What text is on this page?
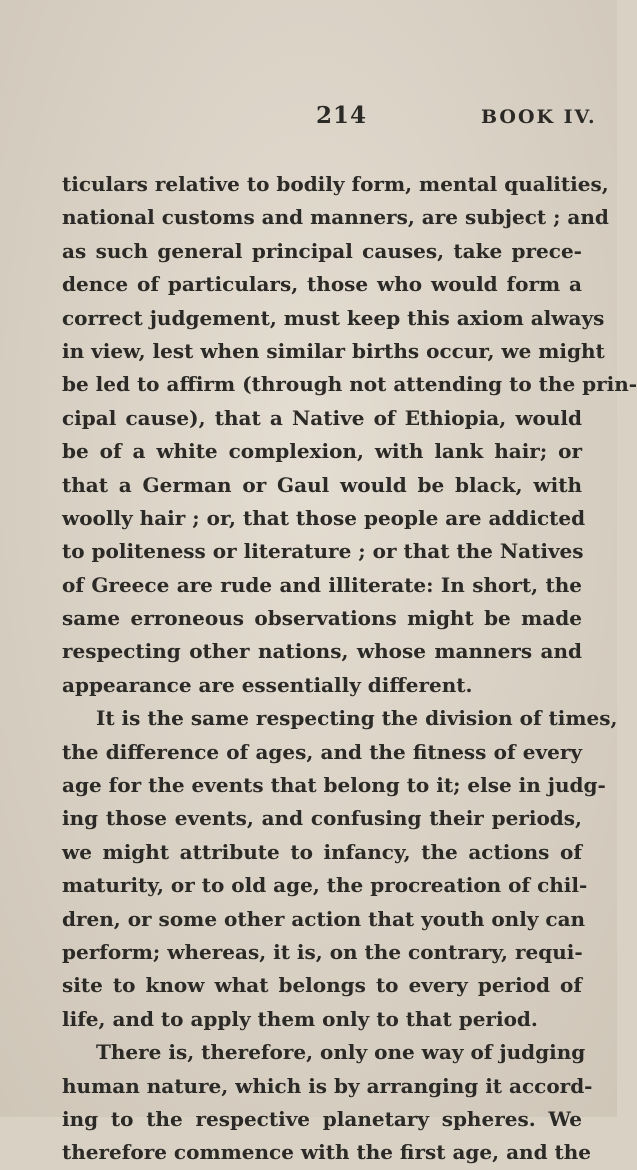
214	BOOK IV.
ticulars relative to bodily form, mental qualities,
national customs and manners, are subject ; and
as such general principal causes, take prece-
dence of particulars, those who would form a
correct judgement, must keep this axiom always
in view, lest when similar births occur, we might
be led to affirm (through not attending to the prin-
cipal cause), that a Native of Ethiopia, would
be of a white complexion, with lank hair; or
that a German or Gaul would be black, with
woolly hair ; or, that those people are addicted
to politeness or literature ; or that the Natives
of Greece are rude and illiterate: In short, the
same erroneous observations might be made
respecting other nations, whose manners and
appearance are essentially different.
It is the same respecting the division of times,
the difference of ages, and the fitness of every
age for the events that belong to it; else in judg-
ing those events, and confusing their periods,
we might attribute to infancy, the actions of
maturity, or to old age, the procreation of chil-
dren, or some other action that youth only can
perform; whereas, it is, on the contrary, requi-
site to know what belongs to every period of
life, and to apply them only to that period.
There is, therefore, only one way of judging
human nature, which is by arranging it accord-
ing to the respective planetary spheres. We
therefore commence with the first age, and the
